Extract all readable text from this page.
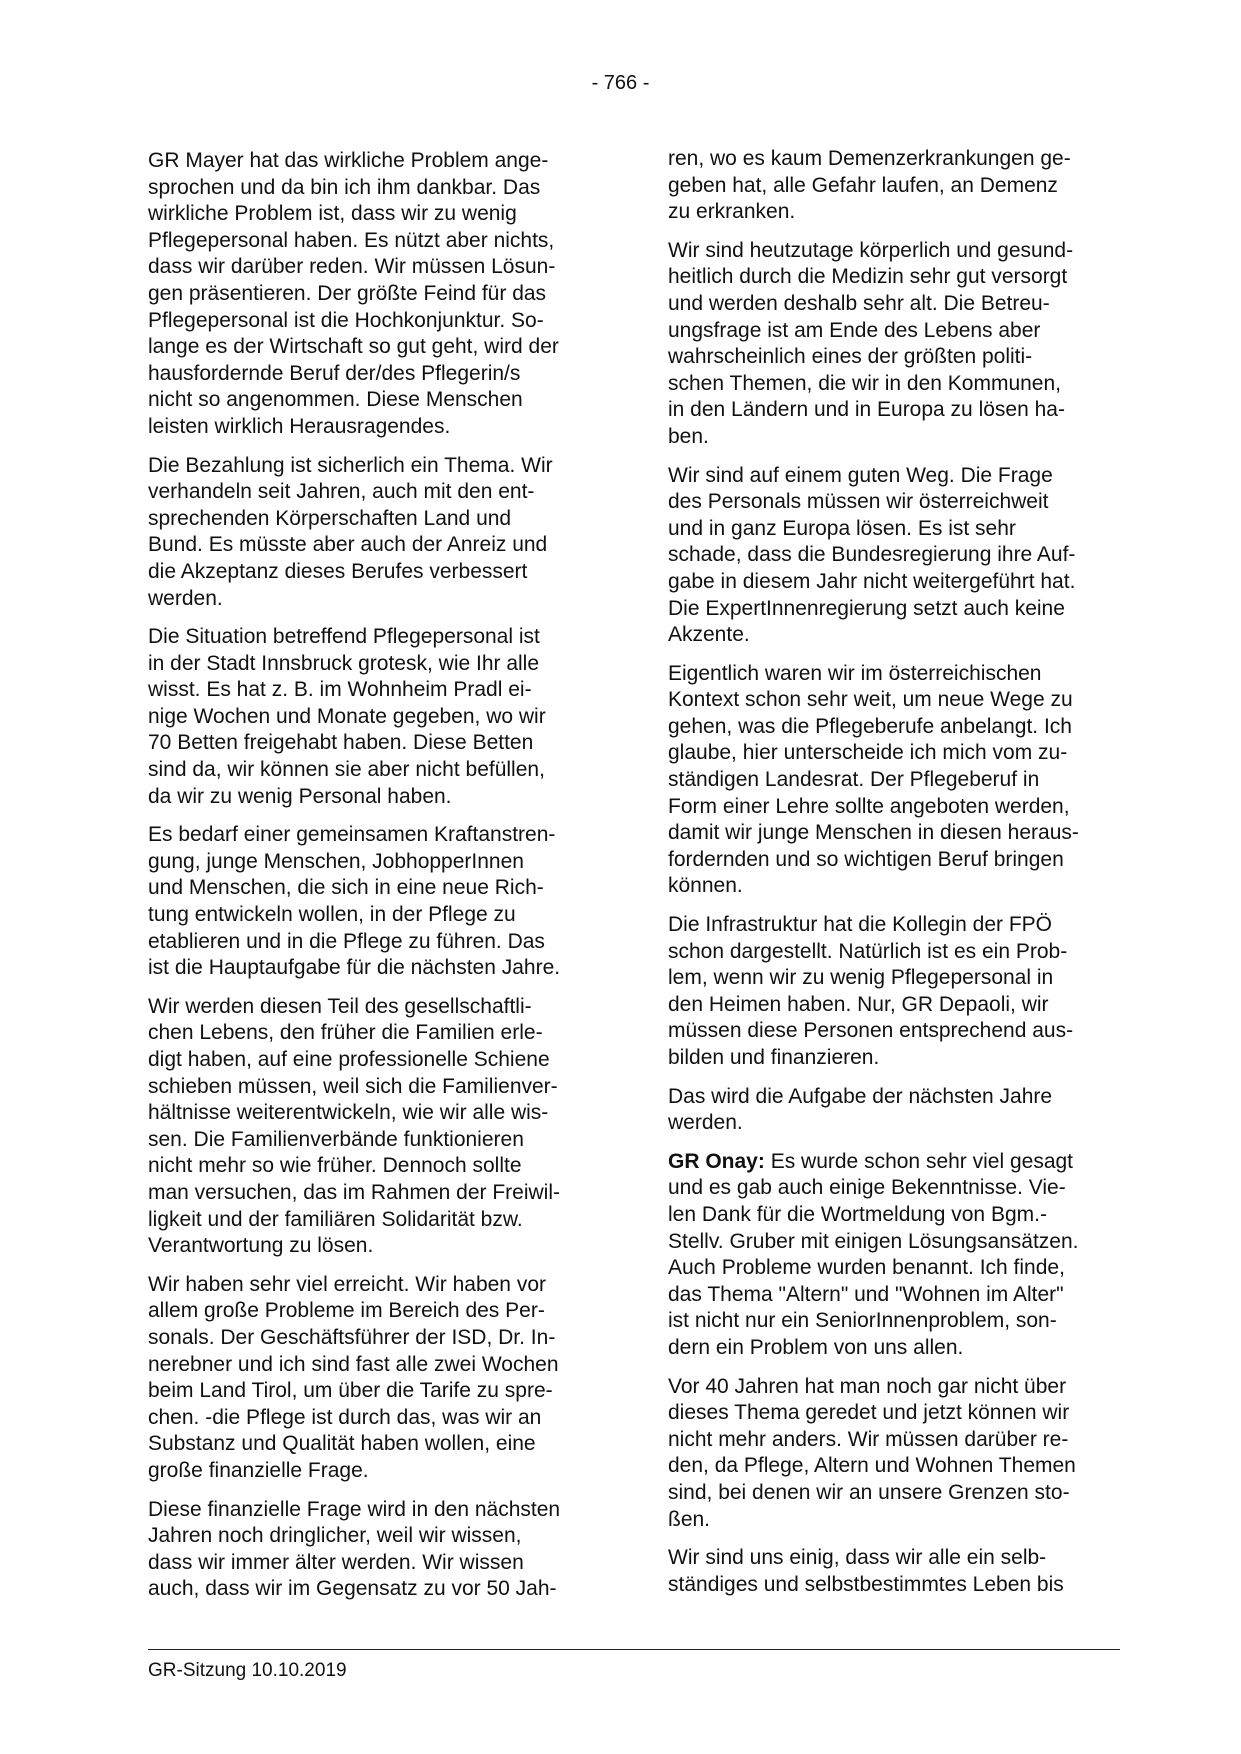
- 766 -

GR Mayer hat das wirkliche Problem ange-
sprochen und da bin ich ihm dankbar. Das
wirkliche Problem ist, dass wir zu wenig
Pflegepersonal haben. Es nützt aber nichts,
dass wir darüber reden. Wir müssen Lösun-
gen präsentieren. Der größte Feind für das
Pflegepersonal ist die Hochkonjunktur. So-
lange es der Wirtschaft so gut geht, wird der
hausfordernde Beruf der/des Pflegerin/s
nicht so angenommen. Diese Menschen
leisten wirklich Herausragendes.

Die Bezahlung ist sicherlich ein Thema. Wir
verhandeln seit Jahren, auch mit den ent-
sprechenden Körperschaften Land und
Bund. Es müsste aber auch der Anreiz und
die Akzeptanz dieses Berufes verbessert
werden.

Die Situation betreffend Pflegepersonal ist
in der Stadt Innsbruck grotesk, wie Ihr alle
wisst. Es hat z. B. im Wohnheim Pradl ei-
nige Wochen und Monate gegeben, wo wir
70 Betten freigehabt haben. Diese Betten
sind da, wir können sie aber nicht befüllen,
da wir zu wenig Personal haben.

Es bedarf einer gemeinsamen Kraftanstren-
gung, junge Menschen, JobhopperInnen
und Menschen, die sich in eine neue Rich-
tung entwickeln wollen, in der Pflege zu
etablieren und in die Pflege zu führen. Das
ist die Hauptaufgabe für die nächsten Jahre.

Wir werden diesen Teil des gesellschaftli-
chen Lebens, den früher die Familien erle-
digt haben, auf eine professionelle Schiene
schieben müssen, weil sich die Familienver-
hältnisse weiterentwickeln, wie wir alle wis-
sen. Die Familienverbände funktionieren
nicht mehr so wie früher. Dennoch sollte
man versuchen, das im Rahmen der Freiwil-
ligkeit und der familiären Solidarität bzw.
Verantwortung zu lösen.

Wir haben sehr viel erreicht. Wir haben vor
allem große Probleme im Bereich des Per-
sonals. Der Geschäftsführer der ISD, Dr. In-
nerebner und ich sind fast alle zwei Wochen
beim Land Tirol, um über die Tarife zu spre-
chen. -die Pflege ist durch das, was wir an
Substanz und Qualität haben wollen, eine
große finanzielle Frage.

Diese finanzielle Frage wird in den nächsten
Jahren noch dringlicher, weil wir wissen,
dass wir immer älter werden. Wir wissen
auch, dass wir im Gegensatz zu vor 50 Jah-

ren, wo es kaum Demenzerkrankungen ge-
geben hat, alle Gefahr laufen, an Demenz
zu erkranken.

Wir sind heutzutage körperlich und gesund-
heitlich durch die Medizin sehr gut versorgt
und werden deshalb sehr alt. Die Betreu-
ungsfrage ist am Ende des Lebens aber
wahrscheinlich eines der größten politi-
schen Themen, die wir in den Kommunen,
in den Ländern und in Europa zu lösen ha-
ben.

Wir sind auf einem guten Weg. Die Frage
des Personals müssen wir österreichweit
und in ganz Europa lösen. Es ist sehr
schade, dass die Bundesregierung ihre Auf-
gabe in diesem Jahr nicht weitergeführt hat.
Die ExpertInnenregierung setzt auch keine
Akzente.

Eigentlich waren wir im österreichischen
Kontext schon sehr weit, um neue Wege zu
gehen, was die Pflegeberufe anbelangt. Ich
glaube, hier unterscheide ich mich vom zu-
ständigen Landesrat. Der Pflegeberuf in
Form einer Lehre sollte angeboten werden,
damit wir junge Menschen in diesen heraus-
fordernden und so wichtigen Beruf bringen
können.

Die Infrastruktur hat die Kollegin der FPÖ
schon dargestellt. Natürlich ist es ein Prob-
lem, wenn wir zu wenig Pflegepersonal in
den Heimen haben. Nur, GR Depaoli, wir
müssen diese Personen entsprechend aus-
bilden und finanzieren.

Das wird die Aufgabe der nächsten Jahre
werden.

GR Onay: Es wurde schon sehr viel gesagt
und es gab auch einige Bekenntnisse. Vie-
len Dank für die Wortmeldung von Bgm.-
Stellv. Gruber mit einigen Lösungsansätzen.
Auch Probleme wurden benannt. Ich finde,
das Thema "Altern" und "Wohnen im Alter"
ist nicht nur ein SeniorInnenproblem, son-
dern ein Problem von uns allen.

Vor 40 Jahren hat man noch gar nicht über
dieses Thema geredet und jetzt können wir
nicht mehr anders. Wir müssen darüber re-
den, da Pflege, Altern und Wohnen Themen
sind, bei denen wir an unsere Grenzen sto-
ßen.

Wir sind uns einig, dass wir alle ein selb-
ständiges und selbstbestimmtes Leben bis

GR-Sitzung 10.10.2019
